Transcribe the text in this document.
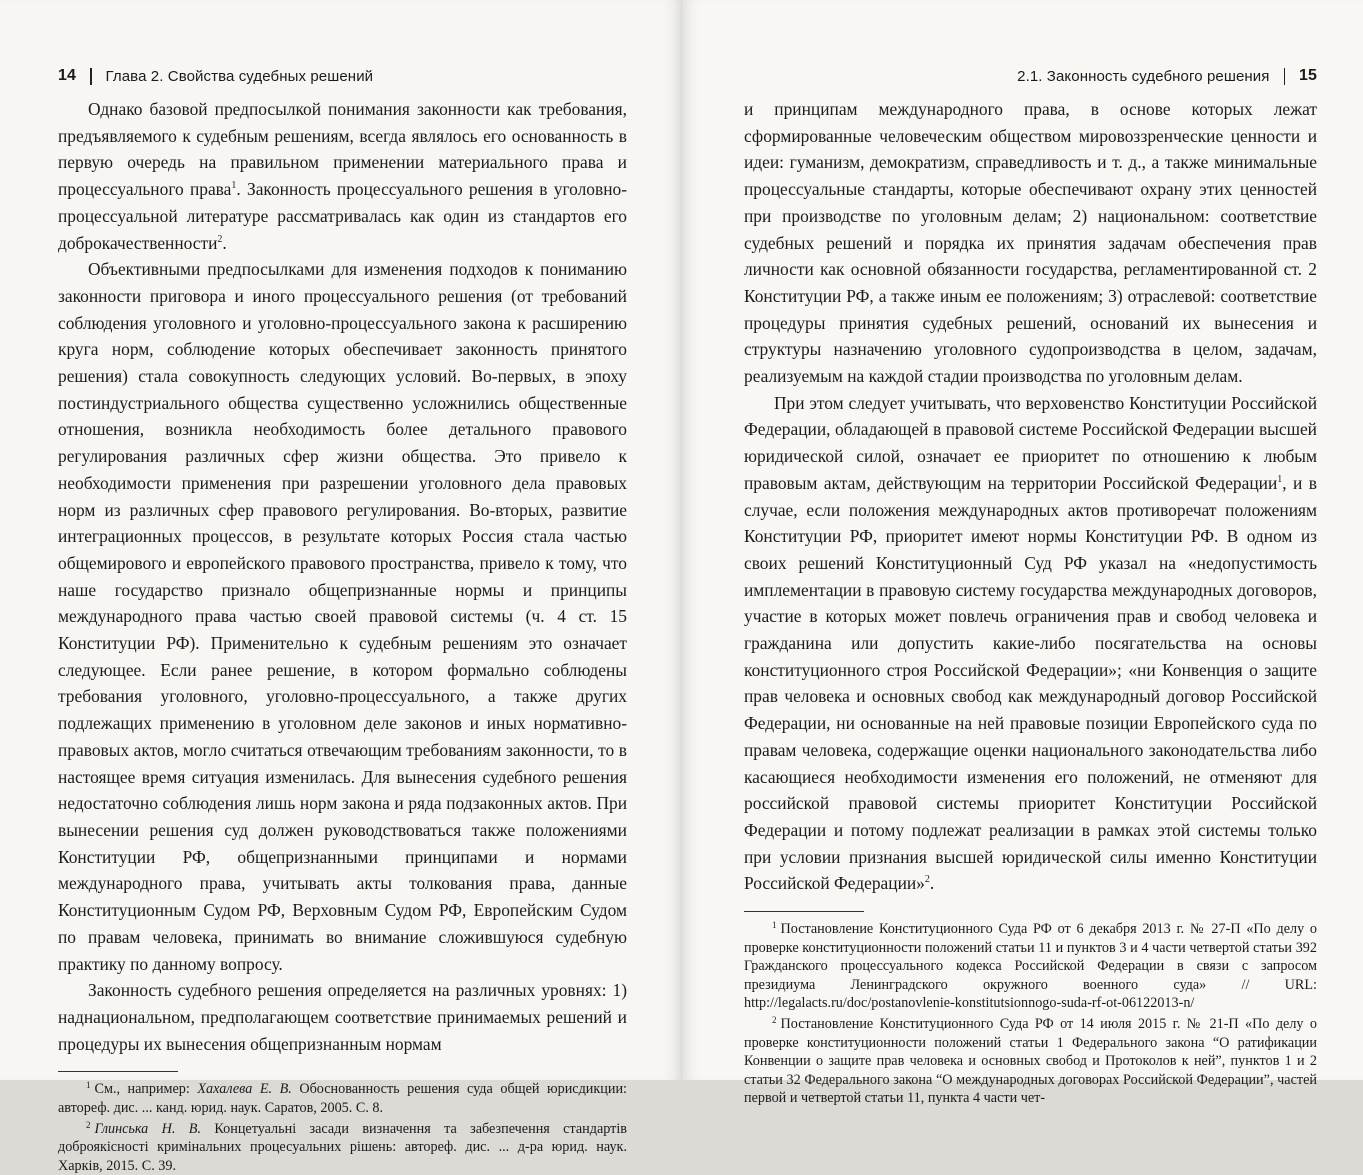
14 Глава 2. Свойства судебных решений

Однако базовой предпосылкой понимания законности как требования, предъявляемого к судебным решениям, всегда являлось его основанность в первую очередь на правильном применении материального права и процессуального права$^1$. Законность процессуального решения в уголовно-процессуальной литературе рассматривалась как один из стандартов его доброкачественности$^2$.

Объективными предпосылками для изменения подходов к пониманию законности приговора и иного процессуального решения (от требований соблюдения уголовного и уголовно-процессуального закона к расширению круга норм, соблюдение которых обеспечивает законность принятого решения) стала совокупность следующих условий. Во-первых, в эпоху постиндустриального общества существенно усложнились общественные отношения, возникла необходимость более детального правового регулирования различных сфер жизни общества. Это привело к необходимости применения при разрешении уголовного дела правовых норм из различных сфер правового регулирования. Во-вторых, развитие интеграционных процессов, в результате которых Россия стала частью общемирового и европейского правового пространства, привело к тому, что наше государство признало общепризнанные нормы и принципы международного права частью своей правовой системы (ч. 4 ст. 15 Конституции РФ). Применительно к судебным решениям это означает следующее. Если ранее решение, в котором формально соблюдены требования уголовного, уголовно-процессуального, а также других подлежащих применению в уголовном деле законов и иных нормативно-правовых актов, могло считаться отвечающим требованиям законности, то в настоящее время ситуация изменилась. Для вынесения судебного решения недостаточно соблюдения лишь норм закона и ряда подзаконных актов. При вынесении решения суд должен руководствоваться также положениями Конституции РФ, общепризнанными принципами и нормами международного права, учитывать акты толкования права, данные Конституционным Судом РФ, Верховным Судом РФ, Европейским Судом по правам человека, принимать во внимание сложившуюся судебную практику по данному вопросу.

Законность судебного решения определяется на различных уровнях: 1) наднациональном, предполагающем соответствие принимаемых решений и процедуры их вынесения общепризнанным нормам

$^1$ См., например: Хахалева Е. В. Обоснованность решения суда общей юрисдикции: автореф. дис. ... канд. юрид. наук. Саратов, 2005. С. 8.

$^2$ Глинська Н. В. Концетуальні засади визначення та забезпечення стандартів доброякісності кримінальних процесуальних рішень: автореф. дис. ... д-ра юрид. наук. Харків, 2015. С. 39.

2.1. Законность судебного решения 15

и принципам международного права, в основе которых лежат сформированные человеческим обществом мировоззренческие ценности и идеи: гуманизм, демократизм, справедливость и т. д., а также минимальные процессуальные стандарты, которые обеспечивают охрану этих ценностей при производстве по уголовным делам; 2) национальном: соответствие судебных решений и порядка их принятия задачам обеспечения прав личности как основной обязанности государства, регламентированной ст. 2 Конституции РФ, а также иным ее положениям; 3) отраслевой: соответствие процедуры принятия судебных решений, оснований их вынесения и структуры назначению уголовного судопроизводства в целом, задачам, реализуемым на каждой стадии производства по уголовным делам.

При этом следует учитывать, что верховенство Конституции Российской Федерации, обладающей в правовой системе Российской Федерации высшей юридической силой, означает ее приоритет по отношению к любым правовым актам, действующим на территории Российской Федерации$^1$, и в случае, если положения международных актов противоречат положениям Конституции РФ, приоритет имеют нормы Конституции РФ. В одном из своих решений Конституционный Суд РФ указал на «недопустимость имплементации в правовую систему государства международных договоров, участие в которых может повлечь ограничения прав и свобод человека и гражданина или допустить какие-либо посягательства на основы конституционного строя Российской Федерации»; «ни Конвенция о защите прав человека и основных свобод как международный договор Российской Федерации, ни основанные на ней правовые позиции Европейского суда по правам человека, содержащие оценки национального законодательства либо касающиеся необходимости изменения его положений, не отменяют для российской правовой системы приоритет Конституции Российской Федерации и потому подлежат реализации в рамках этой системы только при условии признания высшей юридической силы именно Конституции Российской Федерации»$^2$.

$^1$ Постановление Конституционного Суда РФ от 6 декабря 2013 г. № 27-П «По делу о проверке конституционности положений статьи 11 и пунктов 3 и 4 части четвертой статьи 392 Гражданского процессуального кодекса Российской Федерации в связи с запросом президиума Ленинградского окружного военного суда» // URL: http://legalacts.ru/doc/postanovlenie-konstitutsionnogo-suda-rf-ot-06122013-n/

$^2$ Постановление Конституционного Суда РФ от 14 июля 2015 г. № 21-П «По делу о проверке конституционности положений статьи 1 Федерального закона “О ратификации Конвенции о защите прав человека и основных свобод и Протоколов к ней”, пунктов 1 и 2 статьи 32 Федерального закона “О международных договорах Российской Федерации”, частей первой и четвертой статьи 11, пункта 4 части чет-
